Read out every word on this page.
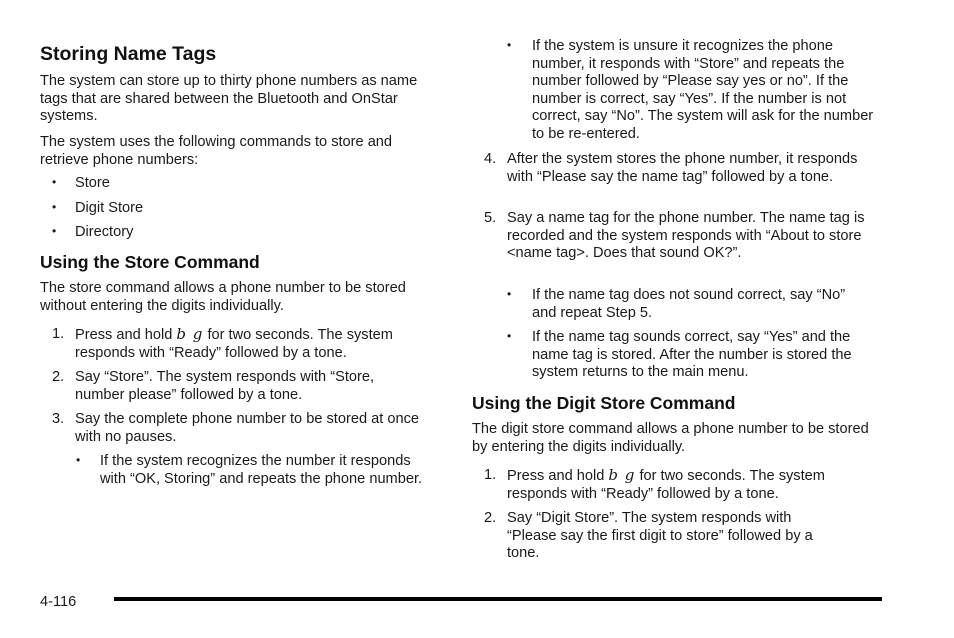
Storing Name Tags

The system can store up to thirty phone numbers as name tags that are shared between the Bluetooth and OnStar systems.

The system uses the following commands to store and retrieve phone numbers:

• Store
• Digit Store
• Directory
Using the Store Command

The store command allows a phone number to be stored without entering the digits individually.

1. Press and hold b g for two seconds. The system responds with “Ready” followed by a tone.

2. Say “Store”. The system responds with “Store, number please” followed by a tone.

3. Say the complete phone number to be stored at once with no pauses.

• If the system recognizes the number it responds with “OK, Storing” and repeats the phone number.

• If the system is unsure it recognizes the phone number, it responds with “Store” and repeats the number followed by “Please say yes or no”. If the number is correct, say “Yes”. If the number is not correct, say “No”. The system will ask for the number to be re-entered.

4. After the system stores the phone number, it responds with “Please say the name tag” followed by a tone.

5. Say a name tag for the phone number. The name tag is recorded and the system responds with “About to store <name tag>. Does that sound OK?”.

• If the name tag does not sound correct, say “No” and repeat Step 5.

• If the name tag sounds correct, say “Yes” and the name tag is stored. After the number is stored the system returns to the main menu.

Using the Digit Store Command

The digit store command allows a phone number to be stored by entering the digits individually.

1. Press and hold b g for two seconds. The system responds with “Ready” followed by a tone.

2. Say “Digit Store”. The system responds with “Please say the first digit to store” followed by a tone.

4-116
